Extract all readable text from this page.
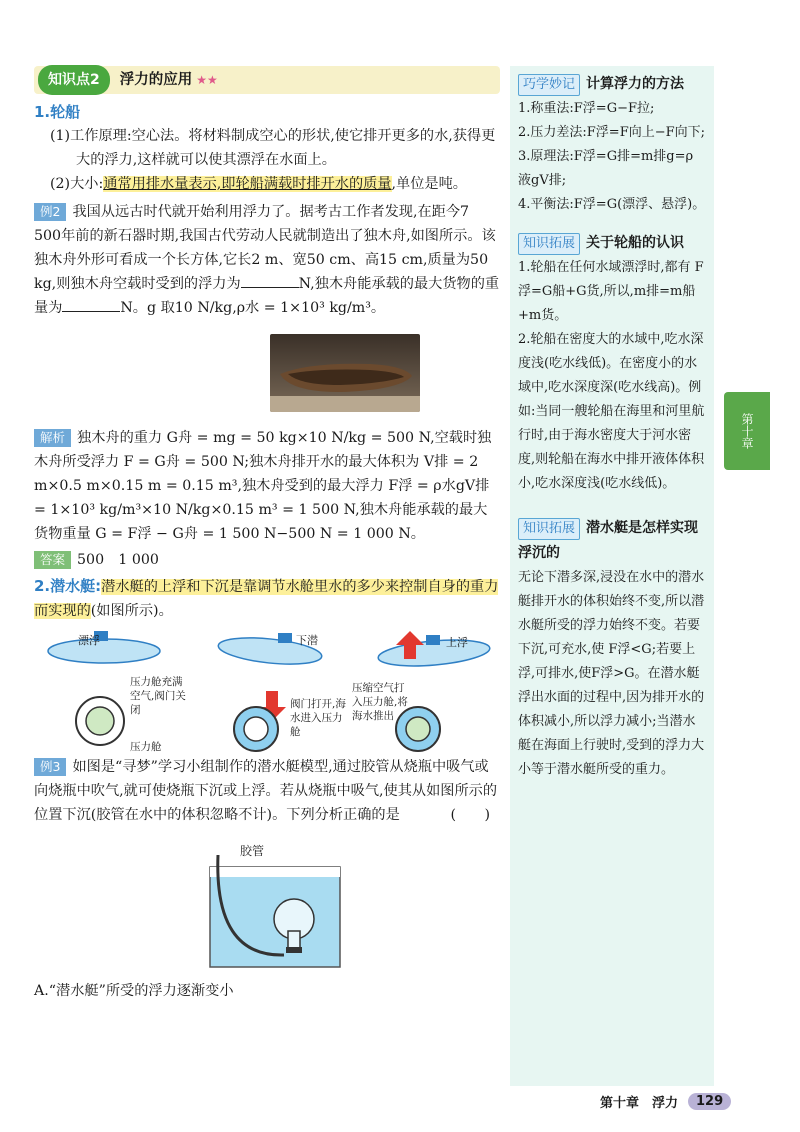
知识点2	浮力的应用 ★★
1.轮船
(1)工作原理:空心法。将材料制成空心的形状,使它排开更多的水,获得更大的浮力,这样就可以使其漂浮在水面上。
(2)大小:通常用排水量表示,即轮船满载时排开水的质量,单位是吨。
例2 我国从远古时代就开始利用浮力了。据考古工作者发现,在距今7 500年前的新石器时期,我国古代劳动人民就制造出了独木舟,如图所示。该独木舟外形可看成一个长方体,它长2 m、宽50 cm、高15 cm,质量为50 kg,则独木舟空载时受到的浮力为	N,独木舟能承载的最大货物的重量为	N。g 取10 N/kg,ρ水 = 1×10³ kg/m³。
解析 独木舟的重力 G舟 = mg = 50 kg×10 N/kg = 500 N,空载时独木舟所受浮力 F = G舟 = 500 N;独木舟排开水的最大体积为 V排 = 2 m×0.5 m×0.15 m = 0.15 m³,独木舟受到的最大浮力 F浮 = ρ水gV排 = 1×10³ kg/m³×10 N/kg×0.15 m³ = 1 500 N,独木舟能承载的最大货物重量 G = F浮 − G舟 = 1 500 N−500 N = 1 000 N。
答案 500　1 000
2.潜水艇:潜水艇的上浮和下沉是靠调节水舱里水的多少来控制自身的重力而实现的(如图所示)。
漂浮	下潜	上浮
压力舱充满空气,阀门关闭
压力舱
阀门打开,海水进入压力舱
压缩空气打入压力舱,将海水推出
例3 如图是“寻梦”学习小组制作的潜水艇模型,通过胶管从烧瓶中吸气或向烧瓶中吹气,就可使烧瓶下沉或上浮。若从烧瓶中吸气,使其从如图所示的位置下沉(胶管在水中的体积忽略不计)。下列分析正确的是	(　　)
胶管
A.“潜水艇”所受的浮力逐渐变小
巧学妙记 计算浮力的方法
1.称重法:F浮=G−F拉;
2.压力差法:F浮=F向上−F向下;
3.原理法:F浮=G排=m排g=ρ液gV排;
4.平衡法:F浮=G(漂浮、悬浮)。
知识拓展 关于轮船的认识
1.轮船在任何水域漂浮时,都有 F浮=G船+G货,所以,m排=m船+m货。
2.轮船在密度大的水域中,吃水深度浅(吃水线低)。在密度小的水域中,吃水深度深(吃水线高)。例如:当同一艘轮船在海里和河里航行时,由于海水密度大于河水密度,则轮船在海水中排开液体体积小,吃水深度浅(吃水线低)。
知识拓展 潜水艇是怎样实现浮沉的
无论下潜多深,浸没在水中的潜水艇排开水的体积始终不变,所以潜水艇所受的浮力始终不变。若要下沉,可充水,使 F浮<G;若要上浮,可排水,使F浮>G。在潜水艇浮出水面的过程中,因为排开水的体积减小,所以浮力减小;当潜水艇在海面上行驶时,受到的浮力大小等于潜水艇所受的重力。
第十章
第十章　浮力	129
